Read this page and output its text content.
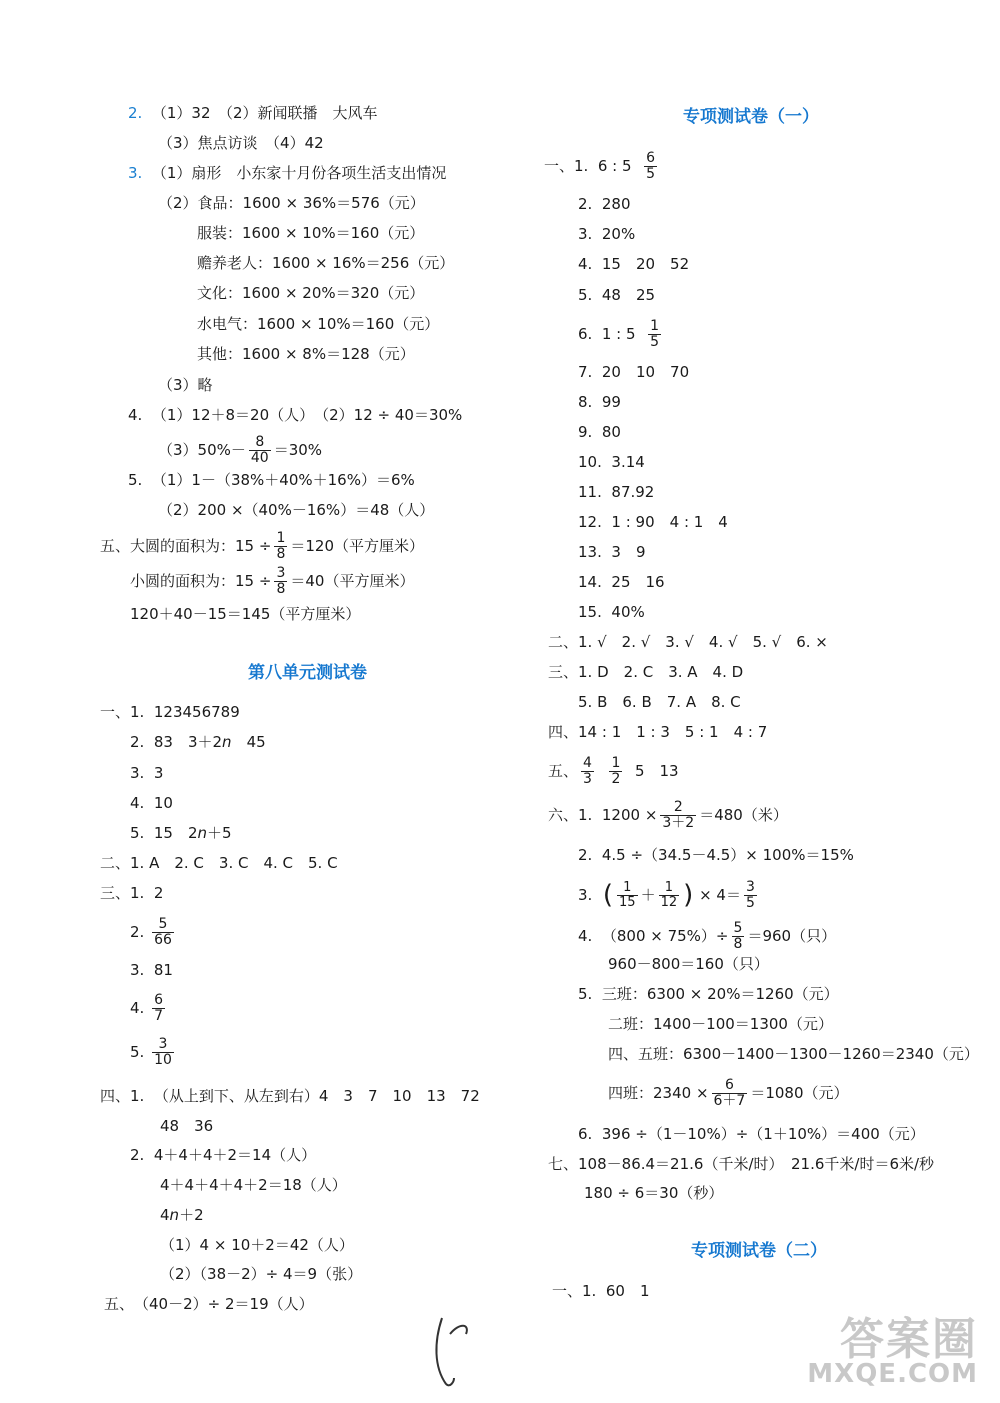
2.
（1）32　（2）新闻联播　大风车
（3）焦点访谈　（4）42
3.
（1）扇形　小东家十月份各项生活支出情况
（2）食品：1600 × 36%＝576（元）
服装：1600 × 10%＝160（元）
赡养老人：1600 × 16%＝256（元）
文化：1600 × 20%＝320（元）
水电气：1600 × 10%＝160（元）
其他：1600 × 8%＝128（元）
（3）略
4.
（1）12＋8＝20（人）　（2）12 ÷ 40＝30%
$(3)50\%- \frac{8}{40} =30\%$
5.
（1）1－（38%＋40%＋16%）＝6%
（2）200 ×（40%－16%）＝48（人）
五、 大圆的面积为：$15 \div \frac{1}{8} =120$（平方厘米）
小圆的面积为：$15 \div \frac{3}{8} =40$（平方厘米）
120＋40－15＝145（平方厘米）
第八单元测试卷
一、 1.
123456789
2.
83　3＋2 n 　45
3.
3
4.
10
5.
15　2 n ＋5
二、 1. A　2. C　3. C　4. C　5. C
三、 1.
2
2.
$\frac{5}{66}$
3.
81
4.
$\frac{6}{7}$
5.
$\frac{3}{10}$
四、 1.
（从上到下、从左到右）4　3　7　10　13　72
48　36
2.
4＋4＋4＋2＝14（人）
4＋4＋4＋4＋2＝18（人）
4 n ＋2
（1）4 × 10＋2＝42（人）
（2）（38－2）÷ 4＝9（张）
五、 （40－2）÷ 2＝19（人）
专项测试卷（一）
一、 1.
6 : 5
$\frac{6}{5}$
2.
280
3.
20%
4.
15　20　52
5.
48　25
6.
1 : 5
$\frac{1}{5}$
7.
20　10　70
8.
99
9.
80
10.
3.14
11.
87.92
12.
1 : 90　4 : 1　4
13.
3　9
14.
25　16
15.
40%
二、 1. √　2. √　3. √　4. √　5. √　6. ×
三、 1. D　2. C　3. A　4. D
5. B　6. B　7. A　8. C
四、 14 : 1　1 : 3　5 : 1　4 : 7
五、 $\frac{4}{3}$
$\frac{1}{2}$
5　13
六、 1.
$1200 \times \frac{2}{3+2} =480$（米）
2.
4.5 ÷（34.5－4.5）× 100%＝15%
3.
( $\frac{1}{15} + \frac{1}{12}$ )
× $4= \frac{3}{5}$
4.
$(800 \times 75\%)\div \frac{5}{8} =960$（只）
960－800＝160（只）
5.
三班：6300 × 20%＝1260（元）
二班：1400－100＝1300（元）
四、五班：6300－1400－1300－1260＝2340（元）
四班：$2340 \times \frac{6}{6+7} =1080$（元）
6.
396 ÷（1－10%）÷（1＋10%）＝400（元）
七、 108－86.4＝21.6（千米/时）　21.6千米/时＝6米/秒
180 ÷ 6＝30（秒）
专项测试卷（二）
一、 1.
60　1
答案圈
MXQE.COM
